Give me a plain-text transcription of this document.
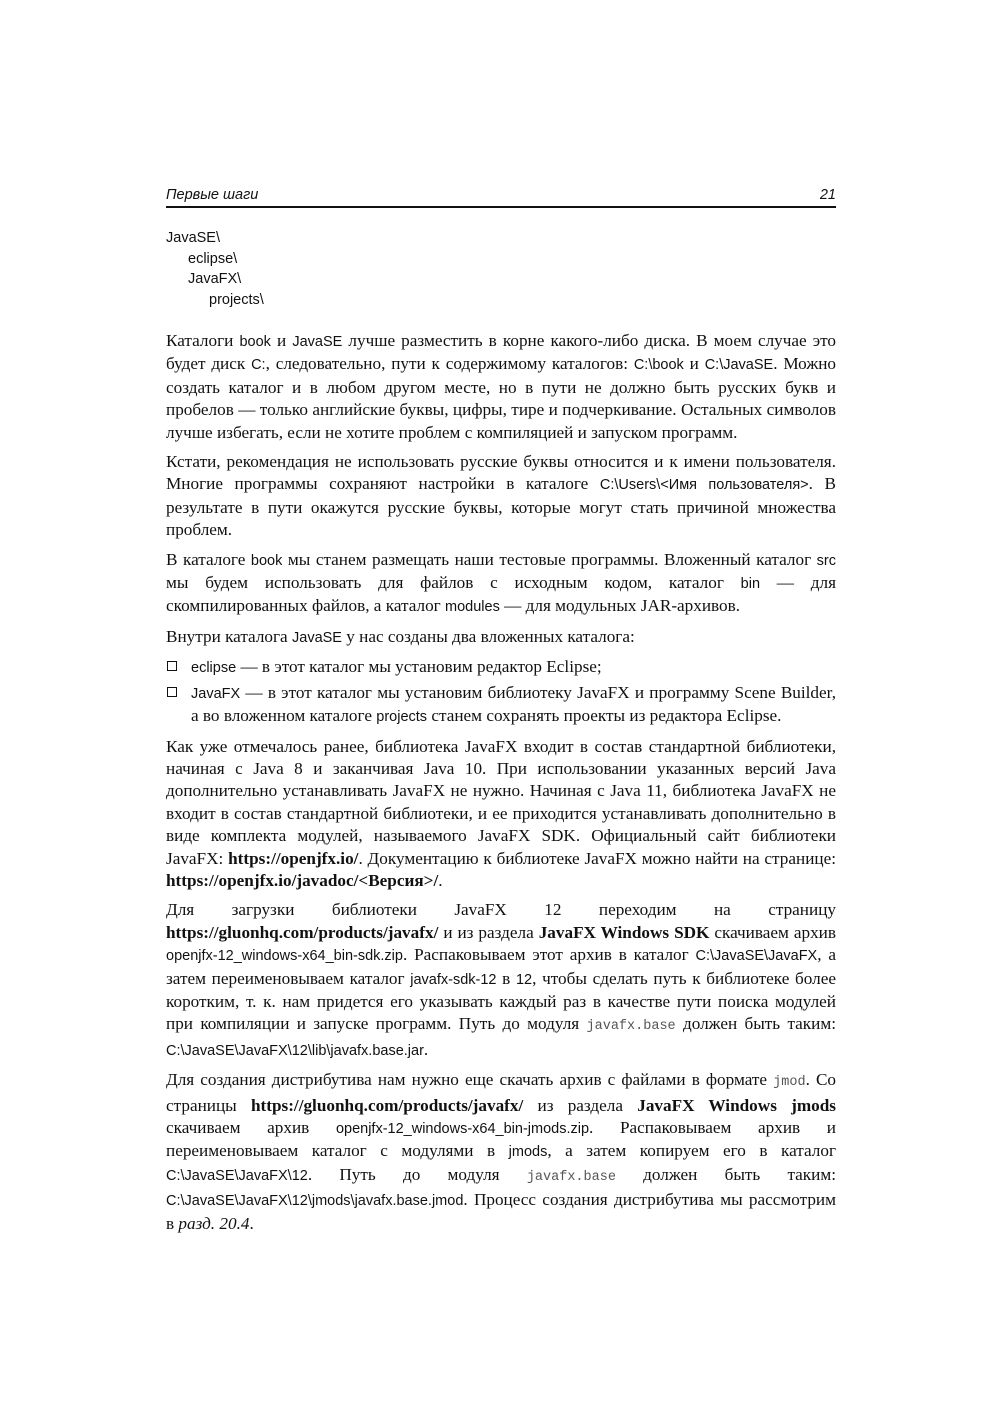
Первые шаги	21
JavaSE\
eclipse\
JavaFX\
projects\

Каталоги book и JavaSE лучше разместить в корне какого-либо диска. В моем случае это будет диск C:, следовательно, пути к содержимому каталогов: C:\book и C:\JavaSE. Можно создать каталог и в любом другом месте, но в пути не должно быть русских букв и пробелов — только английские буквы, цифры, тире и подчеркивание. Остальных символов лучше избегать, если не хотите проблем с компиляцией и запуском программ.

Кстати, рекомендация не использовать русские буквы относится и к имени пользователя. Многие программы сохраняют настройки в каталоге C:\Users\<Имя пользователя>. В результате в пути окажутся русские буквы, которые могут стать причиной множества проблем.

В каталоге book мы станем размещать наши тестовые программы. Вложенный каталог src мы будем использовать для файлов с исходным кодом, каталог bin — для скомпилированных файлов, а каталог modules — для модульных JAR-архивов.

Внутри каталога JavaSE у нас созданы два вложенных каталога:

eclipse — в этот каталог мы установим редактор Eclipse;
JavaFX — в этот каталог мы установим библиотеку JavaFX и программу Scene Builder, а во вложенном каталоге projects станем сохранять проекты из редактора Eclipse.

Как уже отмечалось ранее, библиотека JavaFX входит в состав стандартной библиотеки, начиная с Java 8 и заканчивая Java 10. При использовании указанных версий Java дополнительно устанавливать JavaFX не нужно. Начиная с Java 11, библиотека JavaFX не входит в состав стандартной библиотеки, и ее приходится устанавливать дополнительно в виде комплекта модулей, называемого JavaFX SDK. Официальный сайт библиотеки JavaFX: https://openjfx.io/. Документацию к библиотеке JavaFX можно найти на странице: https://openjfx.io/javadoc/<Версия>/.

Для загрузки библиотеки JavaFX 12 переходим на страницу https://gluonhq.com/products/javafx/ и из раздела JavaFX Windows SDK скачиваем архив openjfx-12_windows-x64_bin-sdk.zip. Распаковываем этот архив в каталог C:\JavaSE\JavaFX, а затем переименовываем каталог javafx-sdk-12 в 12, чтобы сделать путь к библиотеке более коротким, т. к. нам придется его указывать каждый раз в качестве пути поиска модулей при компиляции и запуске программ. Путь до модуля javafx.base должен быть таким: C:\JavaSE\JavaFX\12\lib\javafx.base.jar.

Для создания дистрибутива нам нужно еще скачать архив с файлами в формате jmod. Со страницы https://gluonhq.com/products/javafx/ из раздела JavaFX Windows jmods скачиваем архив openjfx-12_windows-x64_bin-jmods.zip. Распаковываем архив и переименовываем каталог с модулями в jmods, а затем копируем его в каталог C:\JavaSE\JavaFX\12. Путь до модуля javafx.base должен быть таким: C:\JavaSE\JavaFX\12\jmods\javafx.base.jmod. Процесс создания дистрибутива мы рассмотрим в разд. 20.4.
